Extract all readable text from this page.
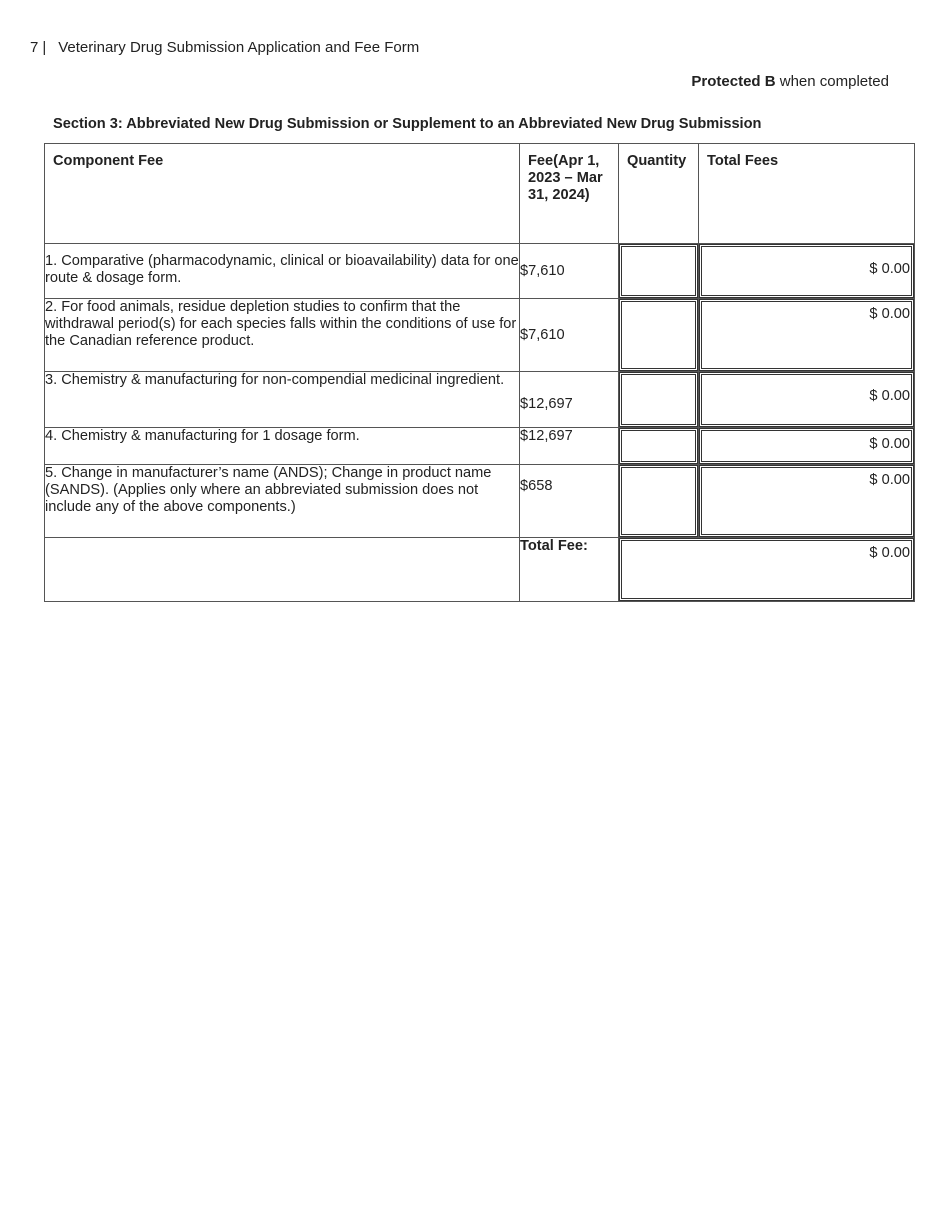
7 | Veterinary Drug Submission Application and Fee Form
Protected B when completed
Section 3: Abbreviated New Drug Submission or Supplement to an Abbreviated New Drug Submission
Component Fee	Fee(Apr 1, 2023 – Mar 31, 2024)	Quantity	Total Fees
1. Comparative (pharmacodynamic, clinical or bioavailability) data for one route & dosage form.	$7,610		$ 0.00

2. For food animals, residue depletion studies to confirm that the withdrawal period(s) for each species falls within the conditions of use for the Canadian reference product.	$7,610		$ 0.00

3. Chemistry & manufacturing for non-compendial medicinal ingredient.	$12,697		$ 0.00

4. Chemistry & manufacturing for 1 dosage form.	$12,697		$ 0.00

5. Change in manufacturer’s name (ANDS); Change in product name (SANDS). (Applies only where an abbreviated submission does not include any of the above components.)	$658		$ 0.00

	Total Fee:	$ 0.00	
